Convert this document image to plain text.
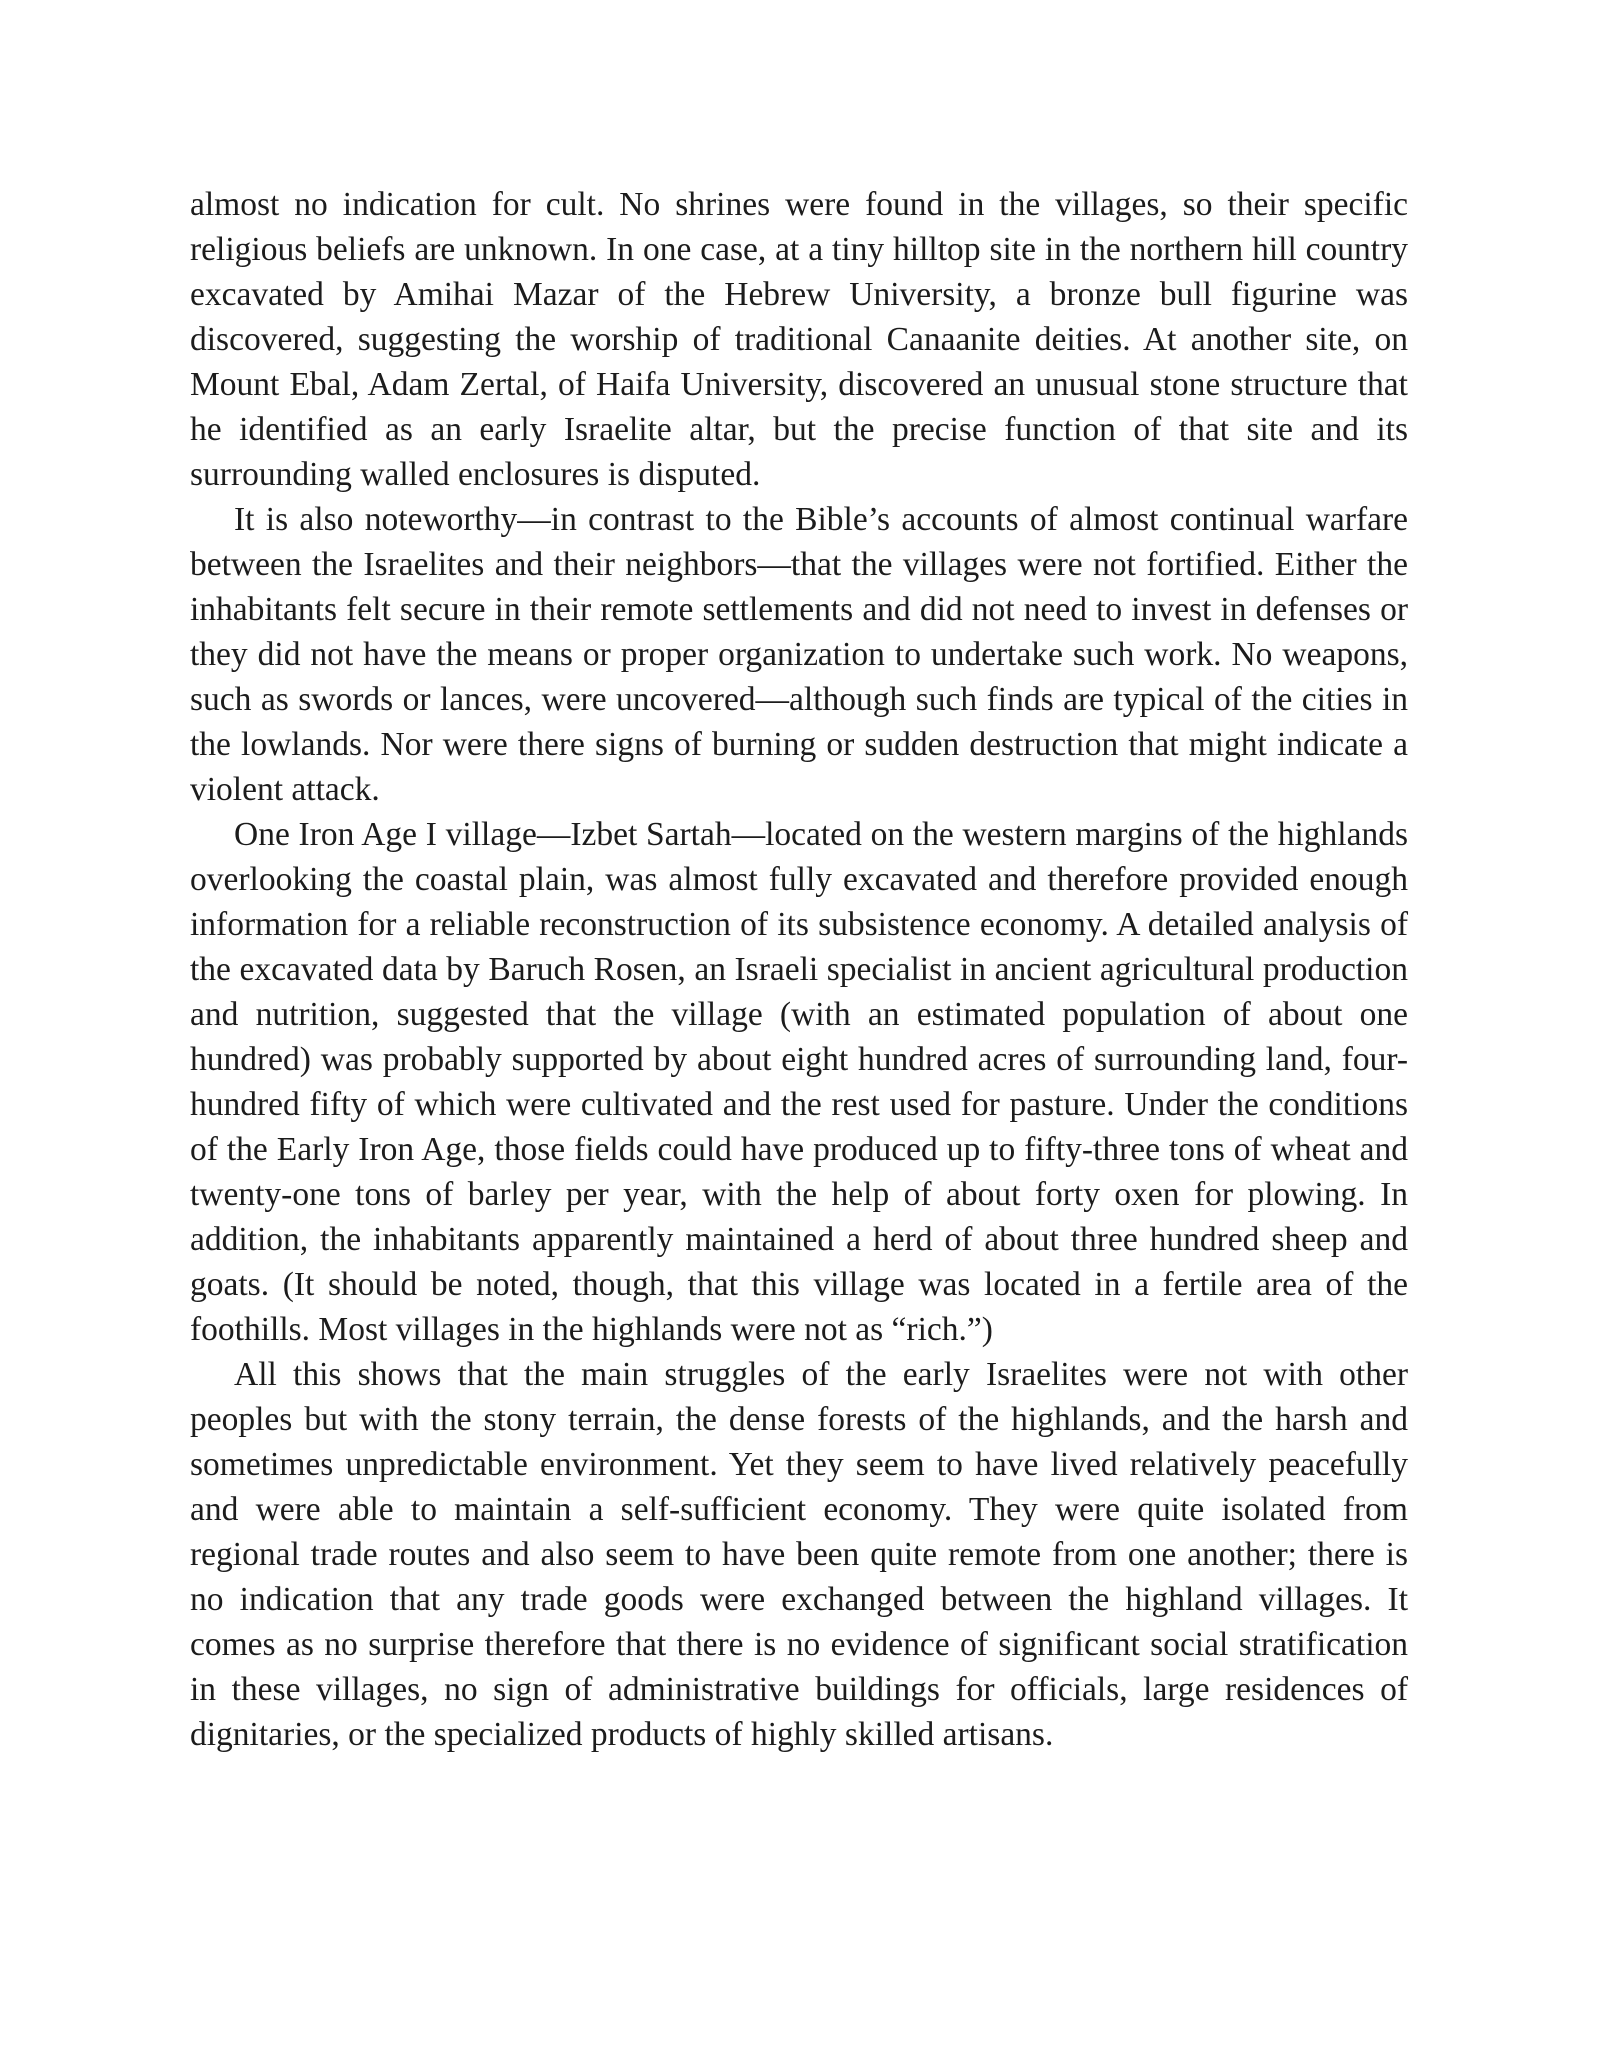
almost no indication for cult. No shrines were found in the villages, so their specific religious beliefs are unknown. In one case, at a tiny hilltop site in the northern hill country excavated by Amihai Mazar of the Hebrew University, a bronze bull figurine was discovered, suggesting the worship of traditional Canaanite deities. At another site, on Mount Ebal, Adam Zertal, of Haifa University, discovered an unusual stone structure that he identified as an early Israelite altar, but the precise function of that site and its surrounding walled enclosures is disputed.

It is also noteworthy—in contrast to the Bible’s accounts of almost continual warfare between the Israelites and their neighbors—that the villages were not fortified. Either the inhabitants felt secure in their remote settlements and did not need to invest in defenses or they did not have the means or proper organization to undertake such work. No weapons, such as swords or lances, were uncovered—although such finds are typical of the cities in the lowlands. Nor were there signs of burning or sudden destruction that might indicate a violent attack.

One Iron Age I village—Izbet Sartah—located on the western margins of the highlands overlooking the coastal plain, was almost fully excavated and therefore provided enough information for a reliable reconstruction of its subsistence economy. A detailed analysis of the excavated data by Baruch Rosen, an Israeli specialist in ancient agricultural production and nutrition, suggested that the village (with an estimated population of about one hundred) was probably supported by about eight hundred acres of surrounding land, four-hundred fifty of which were cultivated and the rest used for pasture. Under the conditions of the Early Iron Age, those fields could have produced up to fifty-three tons of wheat and twenty-one tons of barley per year, with the help of about forty oxen for plowing. In addition, the inhabitants apparently maintained a herd of about three hundred sheep and goats. (It should be noted, though, that this village was located in a fertile area of the foothills. Most villages in the highlands were not as “rich.”)

All this shows that the main struggles of the early Israelites were not with other peoples but with the stony terrain, the dense forests of the highlands, and the harsh and sometimes unpredictable environment. Yet they seem to have lived relatively peacefully and were able to maintain a self-sufficient economy. They were quite isolated from regional trade routes and also seem to have been quite remote from one another; there is no indication that any trade goods were exchanged between the highland villages. It comes as no surprise therefore that there is no evidence of significant social stratification in these villages, no sign of administrative buildings for officials, large residences of dignitaries, or the specialized products of highly skilled artisans.
